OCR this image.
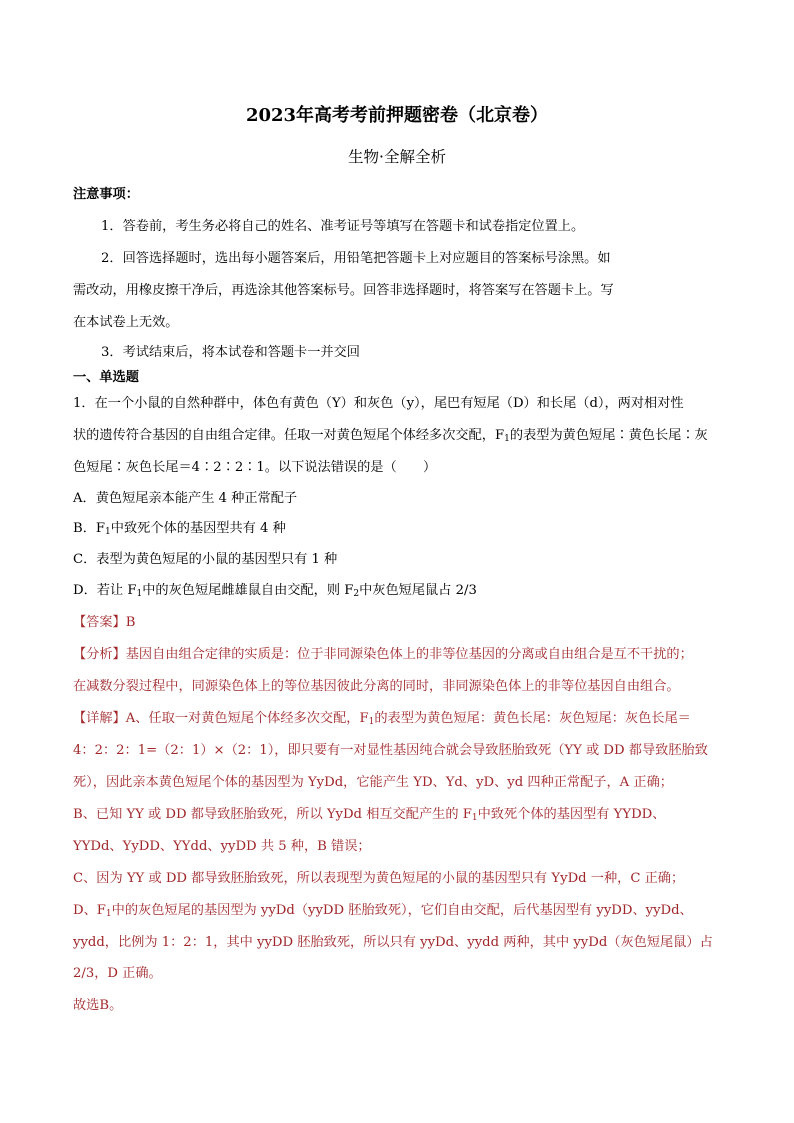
2023年高考考前押题密卷（北京卷）
生物·全解全析
注意事项：
1．答卷前，考生务必将自己的姓名、准考证号等填写在答题卡和试卷指定位置上。
2．回答选择题时，选出每小题答案后，用铅笔把答题卡上对应题目的答案标号涂黑。如
需改动，用橡皮擦干净后，再选涂其他答案标号。回答非选择题时，将答案写在答题卡上。写
在本试卷上无效。
3．考试结束后，将本试卷和答题卡一并交回
一、单选题
1．在一个小鼠的自然种群中，体色有黄色（Y）和灰色（y），尾巴有短尾（D）和长尾（d），两对相对性
状的遗传符合基因的自由组合定律。任取一对黄色短尾个体经多次交配，$F_1$的表型为黄色短尾∶黄色长尾∶灰
色短尾∶灰色长尾＝4∶2∶2∶1。以下说法错误的是（　　）
A．黄色短尾亲本能产生 4 种正常配子
B．$F_1$中致死个体的基因型共有 4 种
C．表型为黄色短尾的小鼠的基因型只有 1 种
D．若让 $F_1$中的灰色短尾雌雄鼠自由交配，则 $F_2$中灰色短尾鼠占 2/3
【答案】B
【分析】基因自由组合定律的实质是：位于非同源染色体上的非等位基因的分离或自由组合是互不干扰的；
在减数分裂过程中，同源染色体上的等位基因彼此分离的同时，非同源染色体上的非等位基因自由组合。
【详解】A、任取一对黄色短尾个体经多次交配，$F_1$的表型为黄色短尾：黄色长尾：灰色短尾：灰色长尾＝
4：2：2：1=（2：1）×（2：1），即只要有一对显性基因纯合就会导致胚胎致死（YY 或 DD 都导致胚胎致
死），因此亲本黄色短尾个体的基因型为 YyDd，它能产生 YD、Yd、yD、yd 四种正常配子，A 正确；
B、已知 YY 或 DD 都导致胚胎致死，所以 YyDd 相互交配产生的 $F_1$中致死个体的基因型有 YYDD、
YYDd、YyDD、YYdd、yyDD 共 5 种，B 错误；
C、因为 YY 或 DD 都导致胚胎致死，所以表现型为黄色短尾的小鼠的基因型只有 YyDd 一种，C 正确；
D、$F_1$中的灰色短尾的基因型为 yyDd（yyDD 胚胎致死），它们自由交配，后代基因型有 yyDD、yyDd、
yydd，比例为 1：2：1，其中 yyDD 胚胎致死，所以只有 yyDd、yydd 两种，其中 yyDd（灰色短尾鼠）占
2/3，D 正确。
故选B。
